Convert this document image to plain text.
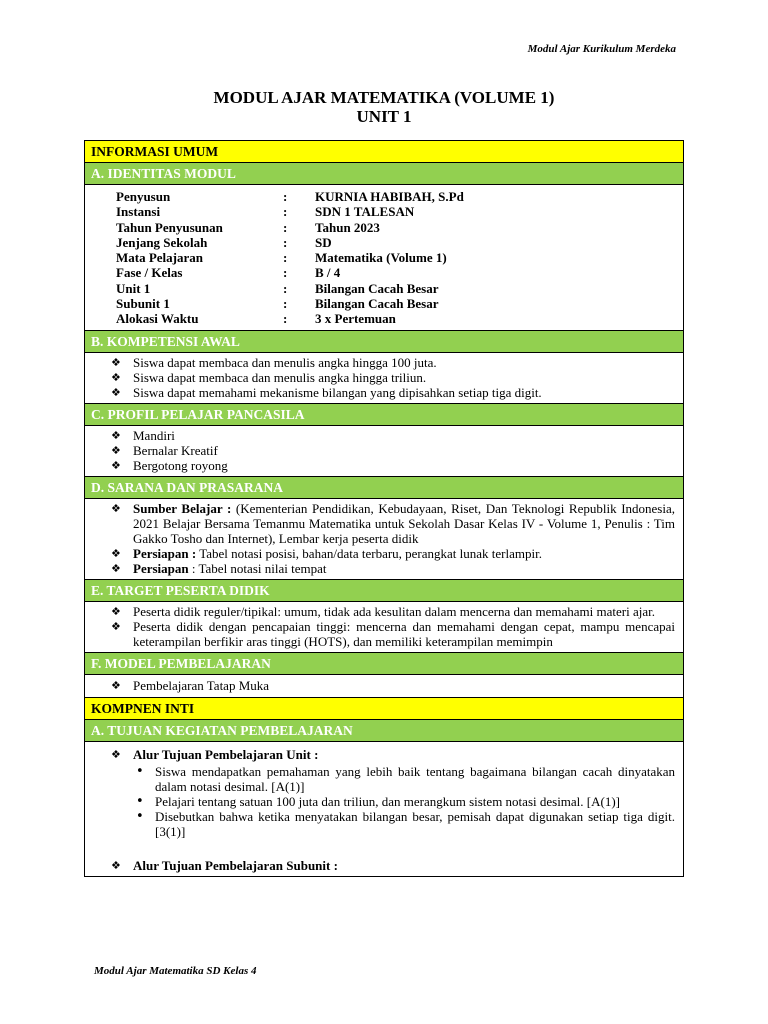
Modul Ajar Kurikulum Merdeka
MODUL AJAR MATEMATIKA (VOLUME 1)
UNIT 1
INFORMASI UMUM
A. IDENTITAS MODUL
Penyusun	:	KURNIA HABIBAH, S.Pd
Instansi	:	SDN 1 TALESAN
Tahun Penyusunan	:	Tahun 2023
Jenjang Sekolah	:	SD
Mata Pelajaran	:	Matematika (Volume 1)
Fase / Kelas	:	B / 4
Unit 1	:	Bilangan Cacah Besar
Subunit 1	:	Bilangan Cacah Besar
Alokasi Waktu	:	3 x Pertemuan
B. KOMPETENSI AWAL
❖ Siswa dapat membaca dan menulis angka hingga 100 juta.
❖ Siswa dapat membaca dan menulis angka hingga triliun.
❖ Siswa dapat memahami mekanisme bilangan yang dipisahkan setiap tiga digit.
C. PROFIL PELAJAR PANCASILA
❖ Mandiri
❖ Bernalar Kreatif
❖ Bergotong royong
D. SARANA DAN PRASARANA
❖ Sumber Belajar : (Kementerian Pendidikan, Kebudayaan, Riset, Dan Teknologi Republik Indonesia, 2021 Belajar Bersama Temanmu Matematika untuk Sekolah Dasar Kelas IV - Volume 1, Penulis : Tim Gakko Tosho dan Internet), Lembar kerja peserta didik
❖ Persiapan : Tabel notasi posisi, bahan/data terbaru, perangkat lunak terlampir.
❖ Persiapan : Tabel notasi nilai tempat
E. TARGET PESERTA DIDIK
❖ Peserta didik reguler/tipikal: umum, tidak ada kesulitan dalam mencerna dan memahami materi ajar.
❖ Peserta didik dengan pencapaian tinggi: mencerna dan memahami dengan cepat, mampu mencapai keterampilan berfikir aras tinggi (HOTS), dan memiliki keterampilan memimpin
F. MODEL PEMBELAJARAN
❖ Pembelajaran Tatap Muka
KOMPNEN INTI
A. TUJUAN KEGIATAN PEMBELAJARAN
❖ Alur Tujuan Pembelajaran Unit :
• Siswa mendapatkan pemahaman yang lebih baik tentang bagaimana bilangan cacah dinyatakan dalam notasi desimal. [A(1)]
• Pelajari tentang satuan 100 juta dan triliun, dan merangkum sistem notasi desimal. [A(1)]
• Disebutkan bahwa ketika menyatakan bilangan besar, pemisah dapat digunakan setiap tiga digit. [3(1)]
❖ Alur Tujuan Pembelajaran Subunit :
Modul Ajar Matematika SD Kelas 4
